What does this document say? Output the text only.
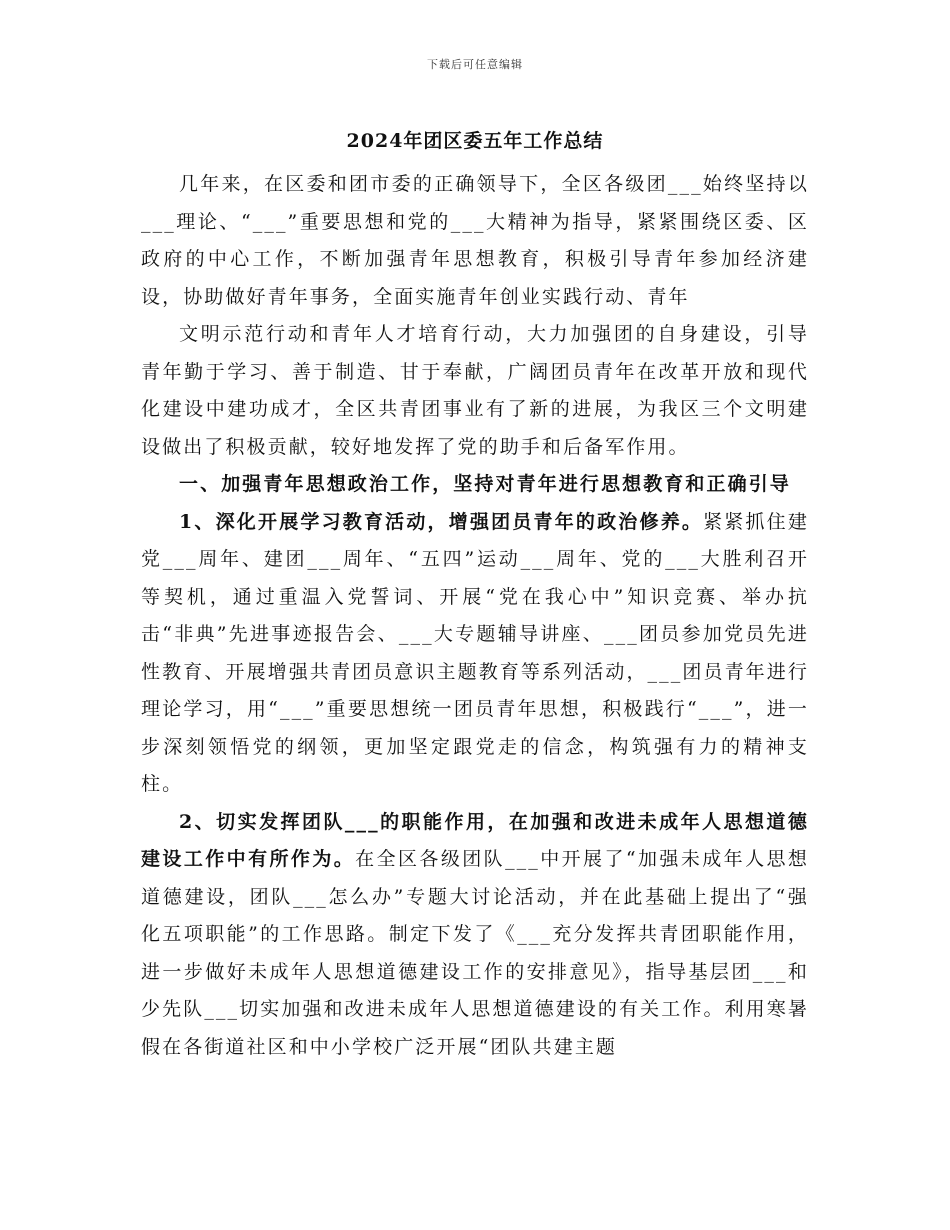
下载后可任意编辑
2024年团区委五年工作总结

几年来，在区委和团市委的正确领导下，全区各级团___始终坚持以___理论、“___”重要思想和党的___大精神为指导，紧紧围绕区委、区政府的中心工作，不断加强青年思想教育，积极引导青年参加经济建设，协助做好青年事务，全面实施青年创业实践行动、青年

文明示范行动和青年人才培育行动，大力加强团的自身建设，引导青年勤于学习、善于制造、甘于奉献，广阔团员青年在改革开放和现代化建设中建功成才，全区共青团事业有了新的进展，为我区三个文明建设做出了积极贡献，较好地发挥了党的助手和后备军作用。

一、加强青年思想政治工作，坚持对青年进行思想教育和正确引导

1、深化开展学习教育活动，增强团员青年的政治修养。紧紧抓住建党___周年、建团___周年、“五四”运动___周年、党的___大胜利召开等契机，通过重温入党誓词、开展“党在我心中”知识竞赛、举办抗击“非典”先进事迹报告会、___大专题辅导讲座、___团员参加党员先进性教育、开展增强共青团员意识主题教育等系列活动，___团员青年进行理论学习，用“___”重要思想统一团员青年思想，积极践行“___”，进一步深刻领悟党的纲领，更加坚定跟党走的信念，构筑强有力的精神支柱。

2、切实发挥团队___的职能作用，在加强和改进未成年人思想道德建设工作中有所作为。在全区各级团队___中开展了“加强未成年人思想道德建设，团队___怎么办”专题大讨论活动，并在此基础上提出了“强化五项职能”的工作思路。制定下发了《___充分发挥共青团职能作用，进一步做好未成年人思想道德建设工作的安排意见》，指导基层团___和少先队___切实加强和改进未成年人思想道德建设的有关工作。利用寒暑假在各街道社区和中小学校广泛开展“团队共建主题
